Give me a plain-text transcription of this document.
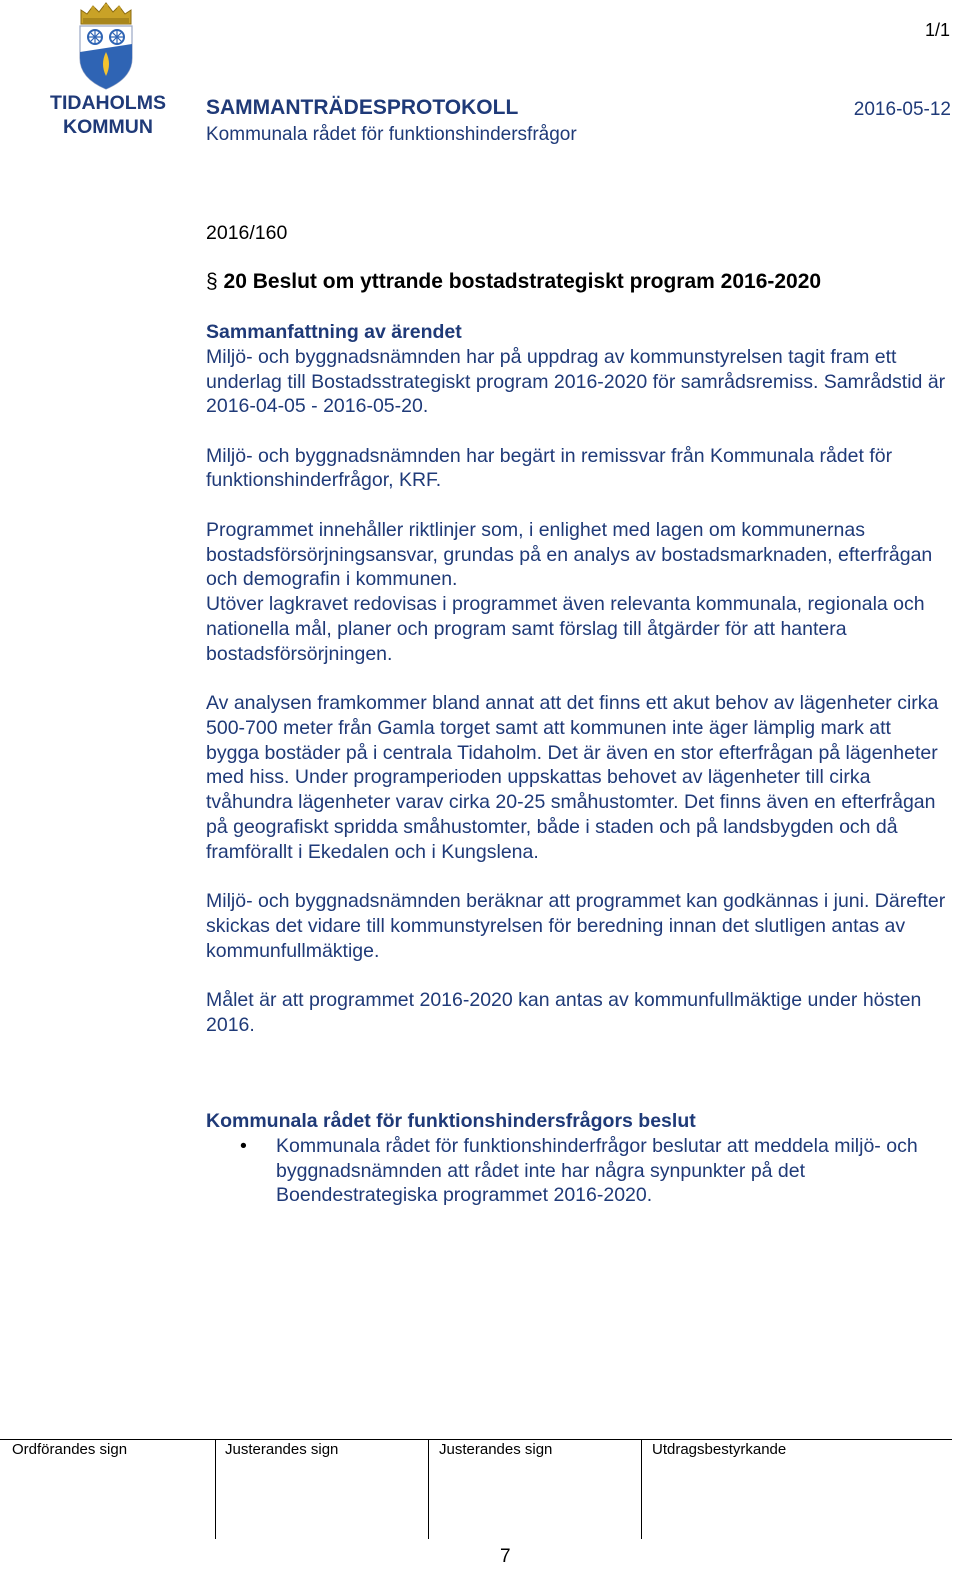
TIDAHOLMS
KOMMUN
1/1
SAMMANTRÄDESPROTOKOLL	2016-05-12
Kommunala rådet för funktionshindersfrågor
2016/160
§ 20 Beslut om yttrande bostadstrategiskt program 2016-2020

Sammanfattning av ärendet

Miljö- och byggnadsnämnden har på uppdrag av kommunstyrelsen tagit fram ett underlag till Bostadsstrategiskt program 2016-2020 för samrådsremiss. Samrådstid är 2016-04-05 - 2016-05-20.

Miljö- och byggnadsnämnden har begärt in remissvar från Kommunala rådet för funktionshinderfrågor, KRF.

Programmet innehåller riktlinjer som, i enlighet med lagen om kommunernas bostadsförsörjningsansvar, grundas på en analys av bostadsmarknaden, efterfrågan och demografin i kommunen.

Utöver lagkravet redovisas i programmet även relevanta kommunala, regionala och nationella mål, planer och program samt förslag till åtgärder för att hantera bostadsförsörjningen.

Av analysen framkommer bland annat att det finns ett akut behov av lägenheter cirka 500-700 meter från Gamla torget samt att kommunen inte äger lämplig mark att bygga bostäder på i centrala Tidaholm. Det är även en stor efterfrågan på lägenheter med hiss. Under programperioden uppskattas behovet av lägenheter till cirka tvåhundra lägenheter varav cirka 20-25 småhustomter. Det finns även en efterfrågan på geografiskt spridda småhustomter, både i staden och på landsbygden och då framförallt i Ekedalen och i Kungslena.

Miljö- och byggnadsnämnden beräknar att programmet kan godkännas i juni. Därefter skickas det vidare till kommunstyrelsen för beredning innan det slutligen antas av kommunfullmäktige.

Målet är att programmet 2016-2020 kan antas av kommunfullmäktige under hösten 2016.

Kommunala rådet för funktionshindersfrågors beslut

• Kommunala rådet för funktionshinderfrågor beslutar att meddela miljö- och byggnadsnämnden att rådet inte har några synpunkter på det Boendestrategiska programmet 2016-2020.
Ordförandes sign	Justerandes sign	Justerandes sign	Utdragsbestyrkande
7
